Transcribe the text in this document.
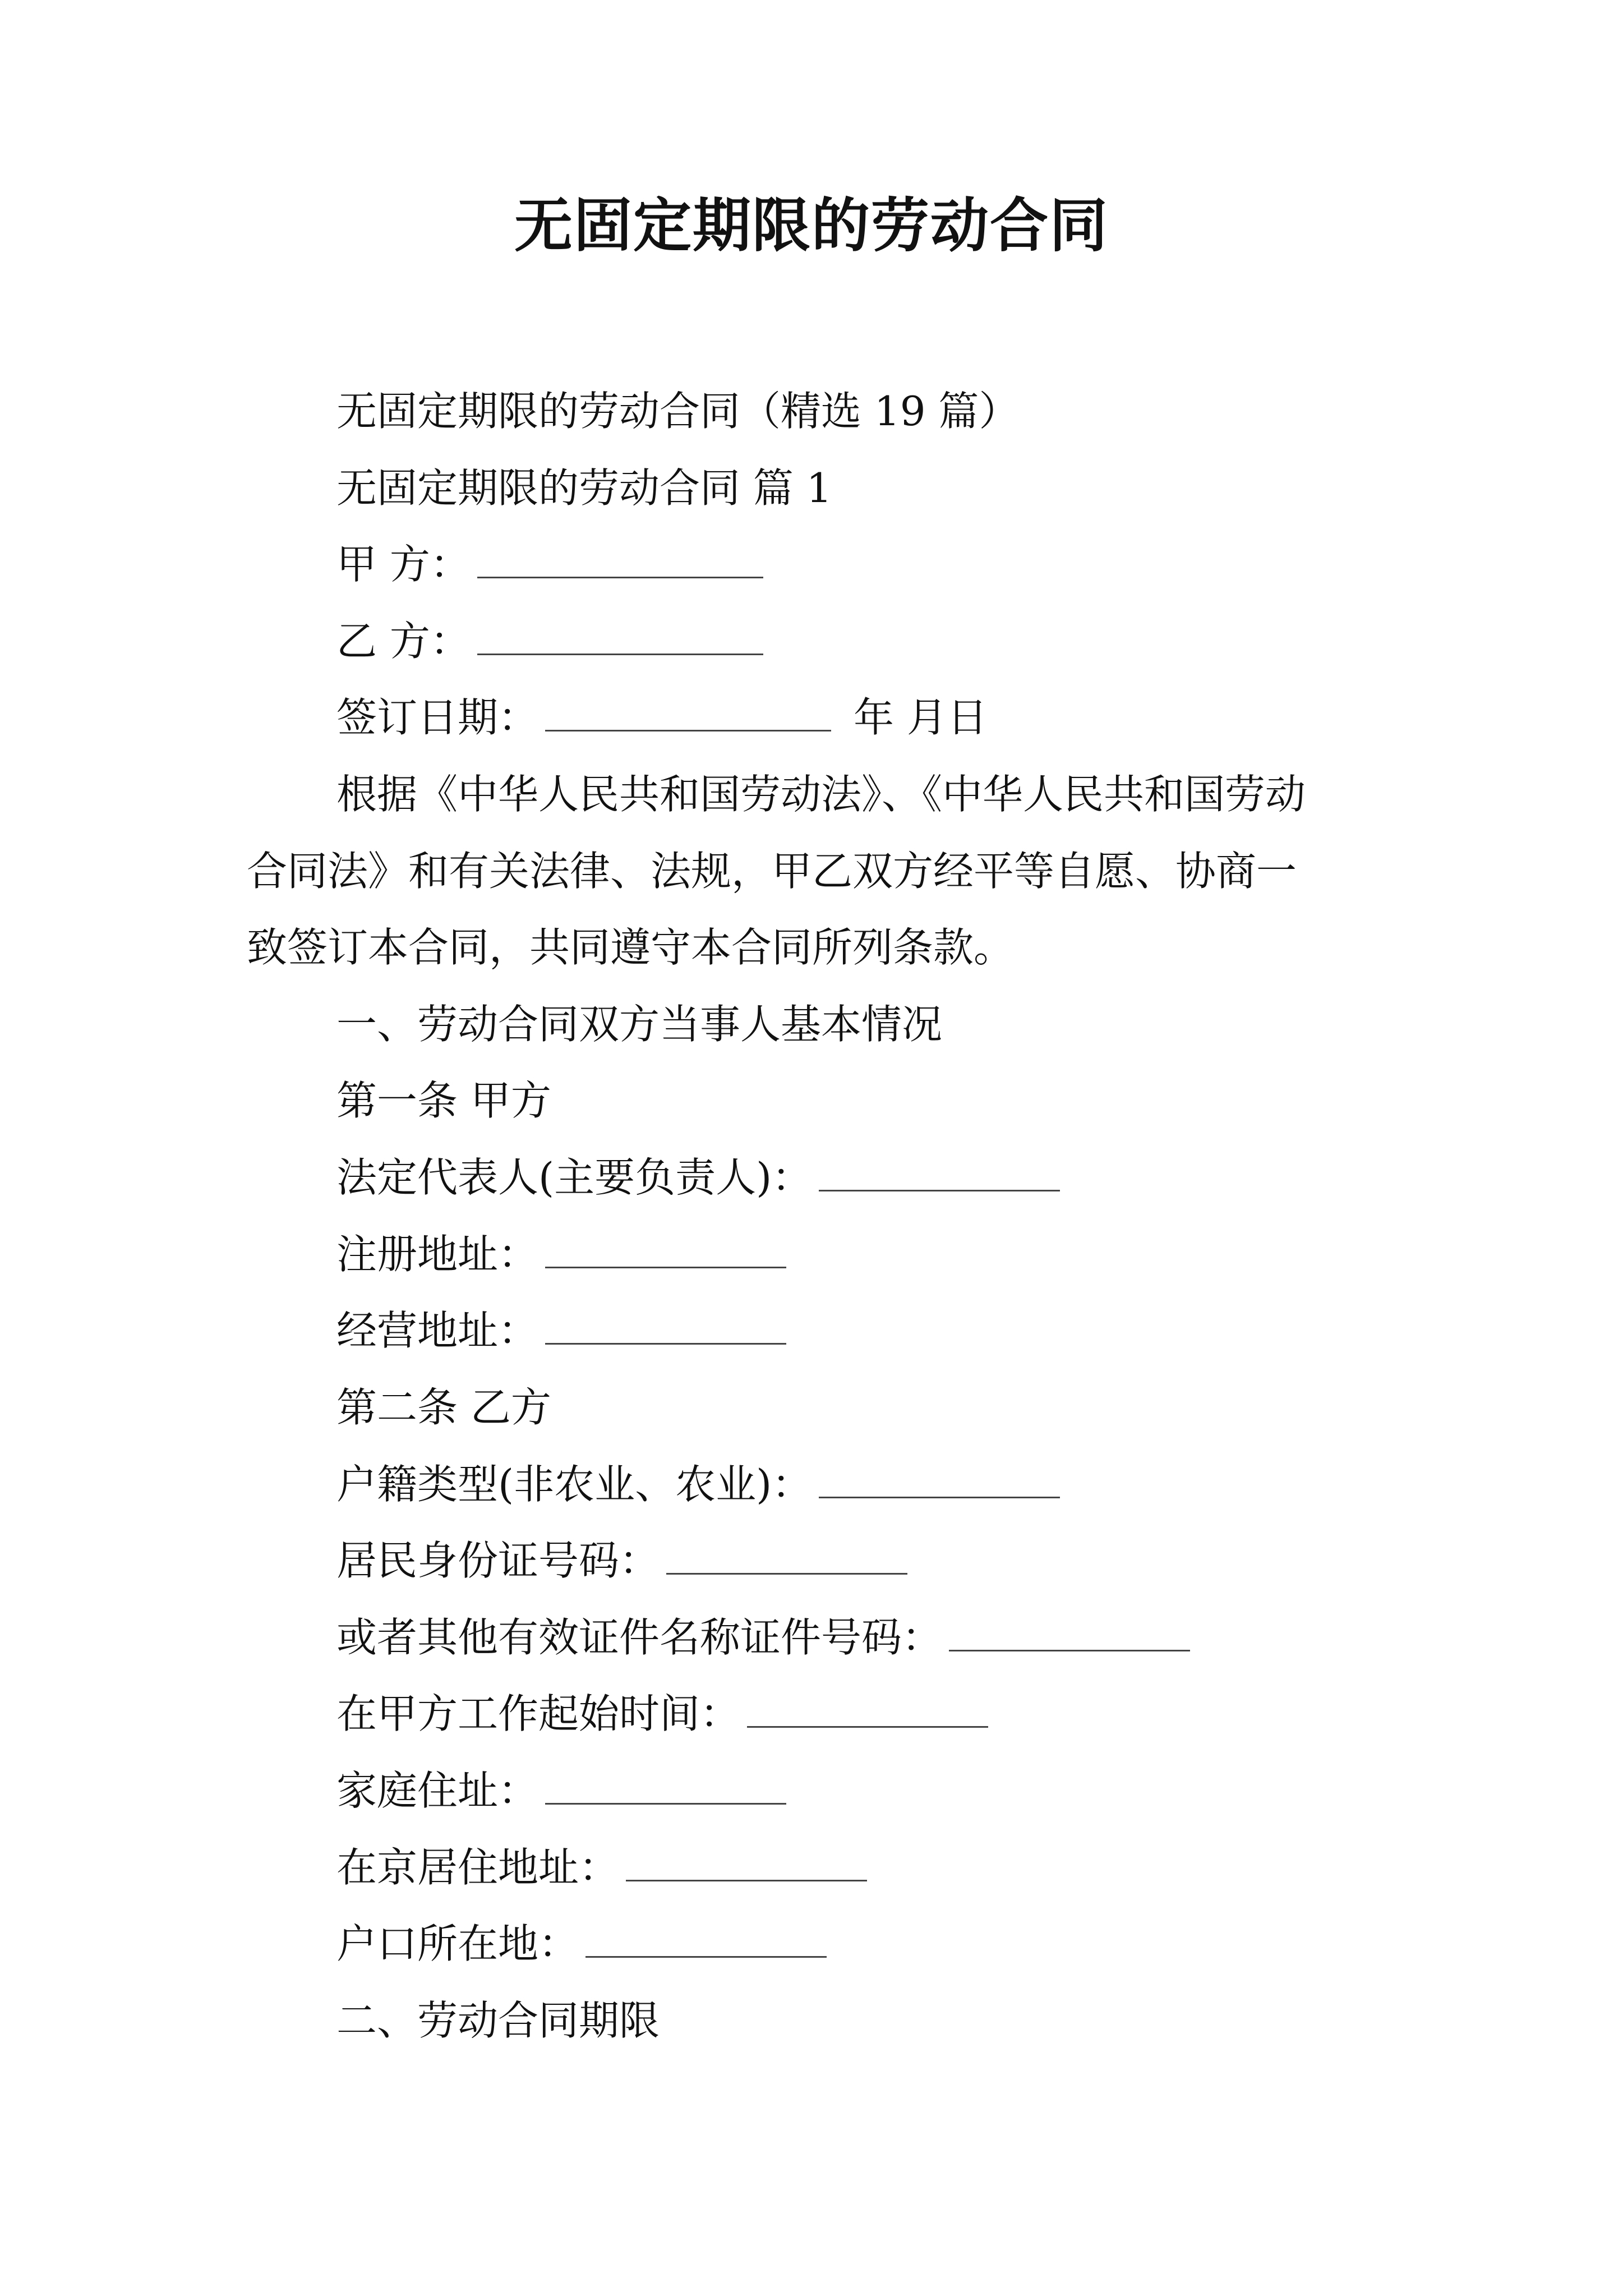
无固定期限的劳动合同
无固定期限的劳动合同（精选 19 篇）
无固定期限的劳动合同 篇 1
甲 方：
乙 方：
签订日期：	年 月日
根据《中华人民共和国劳动法》、《中华人民共和国劳动
合同法》和有关法律、法规，甲乙双方经平等自愿、协商一
致签订本合同，共同遵守本合同所列条款。
一、劳动合同双方当事人基本情况
第一条 甲方
法定代表人(主要负责人)：
注册地址：
经营地址：
第二条 乙方
户籍类型(非农业、农业)：
居民身份证号码：
或者其他有效证件名称证件号码：
在甲方工作起始时间：
家庭住址：
在京居住地址：
户口所在地：
二、劳动合同期限
